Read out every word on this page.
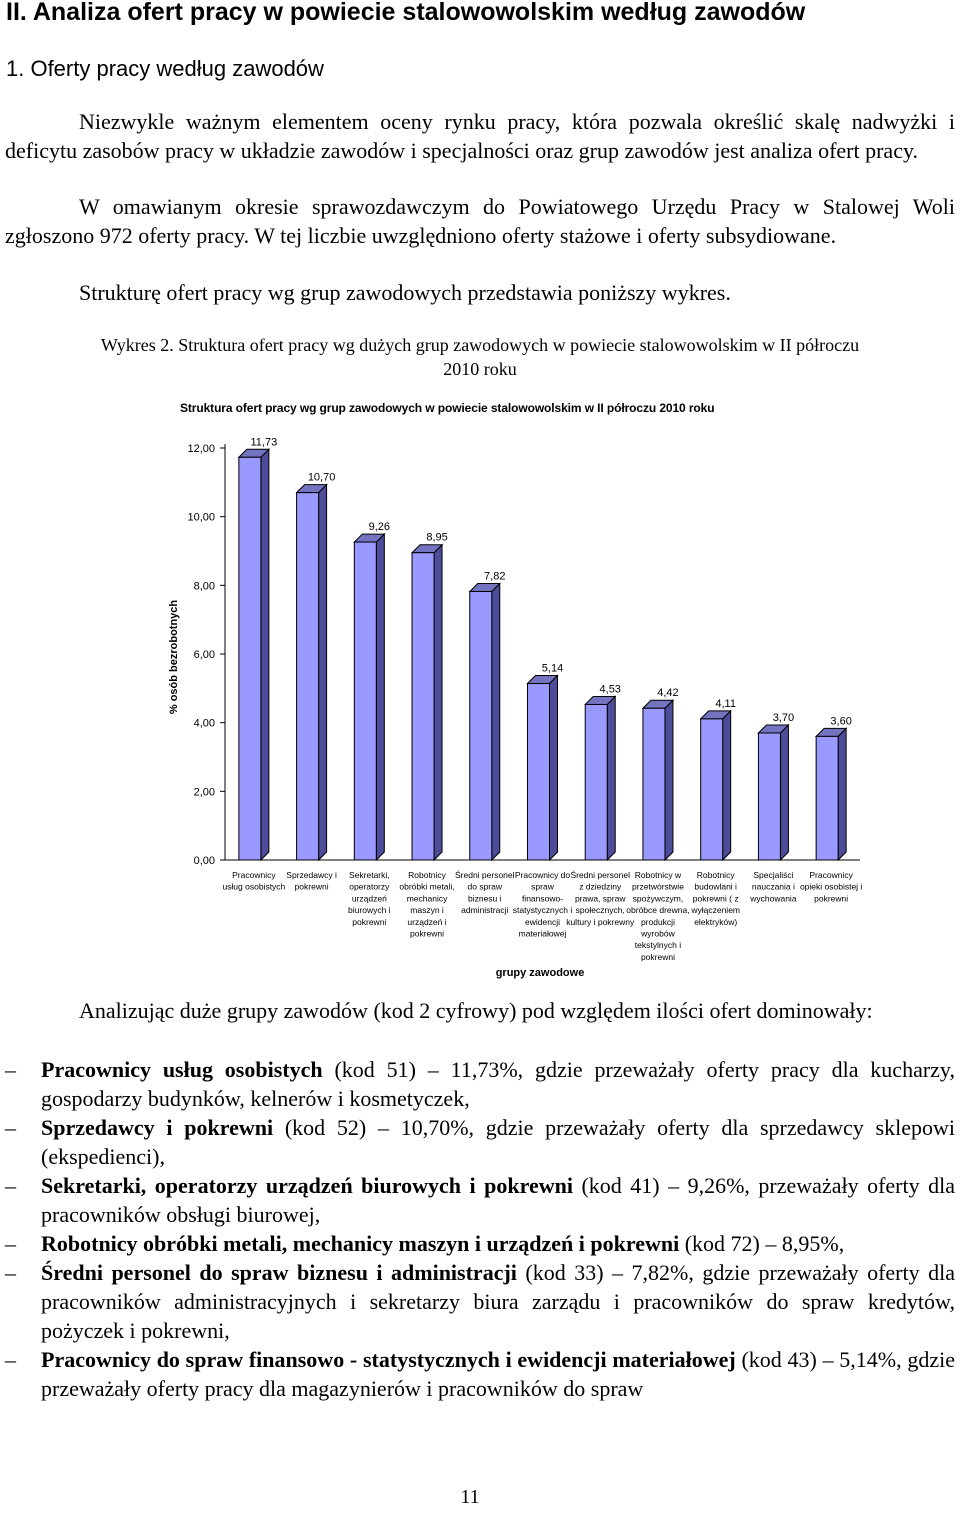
II. Analiza ofert pracy w powiecie stalowowolskim według zawodów
1. Oferty pracy według zawodów

Niezwykle ważnym elementem oceny rynku pracy, która pozwala określić skalę nadwyżki i deficytu zasobów pracy w układzie zawodów i specjalności oraz grup zawodów jest analiza ofert pracy.

W omawianym okresie sprawozdawczym do Powiatowego Urzędu Pracy w Stalowej Woli zgłoszono 972 oferty pracy. W tej liczbie uwzględniono oferty stażowe i oferty subsydiowane.

Strukturę ofert pracy wg grup zawodowych przedstawia poniższy wykres.

Wykres 2. Struktura ofert pracy wg dużych grup zawodowych w powiecie stalowowolskim w II półroczu 2010 roku
Struktura ofert pracy wg grup zawodowych w powiecie stalowowolskim w II półroczu 2010 roku
0,00
2,00
4,00
6,00
8,00
10,00
12,00
% osób bezrobotnych
11,73
Pracownicy usług osobistych
10,70
Sprzedawcy i pokrewni
9,26
Sekretarki, operatorzy urządzeń biurowych i pokrewni
8,95
Robotnicy obróbki metali, mechanicy maszyn i urządzeń i pokrewni
7,82
Średni personel do spraw biznesu i administracji
5,14
Pracownicy do spraw finansowo-statystycznych i ewidencji materiałowej
4,53
Średni personel z dziedziny prawa, spraw społecznych, kultury i pokrewny
4,42
Robotnicy w przetwórstwie spożywczym, obróbce drewna, produkcji wyrobów tekstylnych i pokrewni
4,11
Robotnicy budowlani i pokrewni ( z wyłączeniem elektryków)
3,70
Specjaliści nauczania i wychowania
3,60
Pracownicy opieki osobistej i pokrewni
grupy zawodowe

Analizując duże grupy zawodów (kod 2 cyfrowy) pod względem ilości ofert dominowały:

– Pracownicy usług osobistych (kod 51) – 11,73%, gdzie przeważały oferty pracy dla kucharzy, gospodarzy budynków, kelnerów i kosmetyczek,
– Sprzedawcy i pokrewni (kod 52) – 10,70%, gdzie przeważały oferty dla sprzedawcy sklepowi (ekspedienci),
– Sekretarki, operatorzy urządzeń biurowych i pokrewni (kod 41) – 9,26%, przeważały oferty dla pracowników obsługi biurowej,
– Robotnicy obróbki metali, mechanicy maszyn i urządzeń i pokrewni (kod 72) – 8,95%,
– Średni personel do spraw biznesu i administracji (kod 33) – 7,82%, gdzie przeważały oferty dla pracowników administracyjnych i sekretarzy biura zarządu i pracowników do spraw kredytów, pożyczek i pokrewni,
– Pracownicy do spraw finansowo - statystycznych i ewidencji materiałowej (kod 43) – 5,14%, gdzie przeważały oferty pracy dla magazynierów i pracowników do spraw
11
